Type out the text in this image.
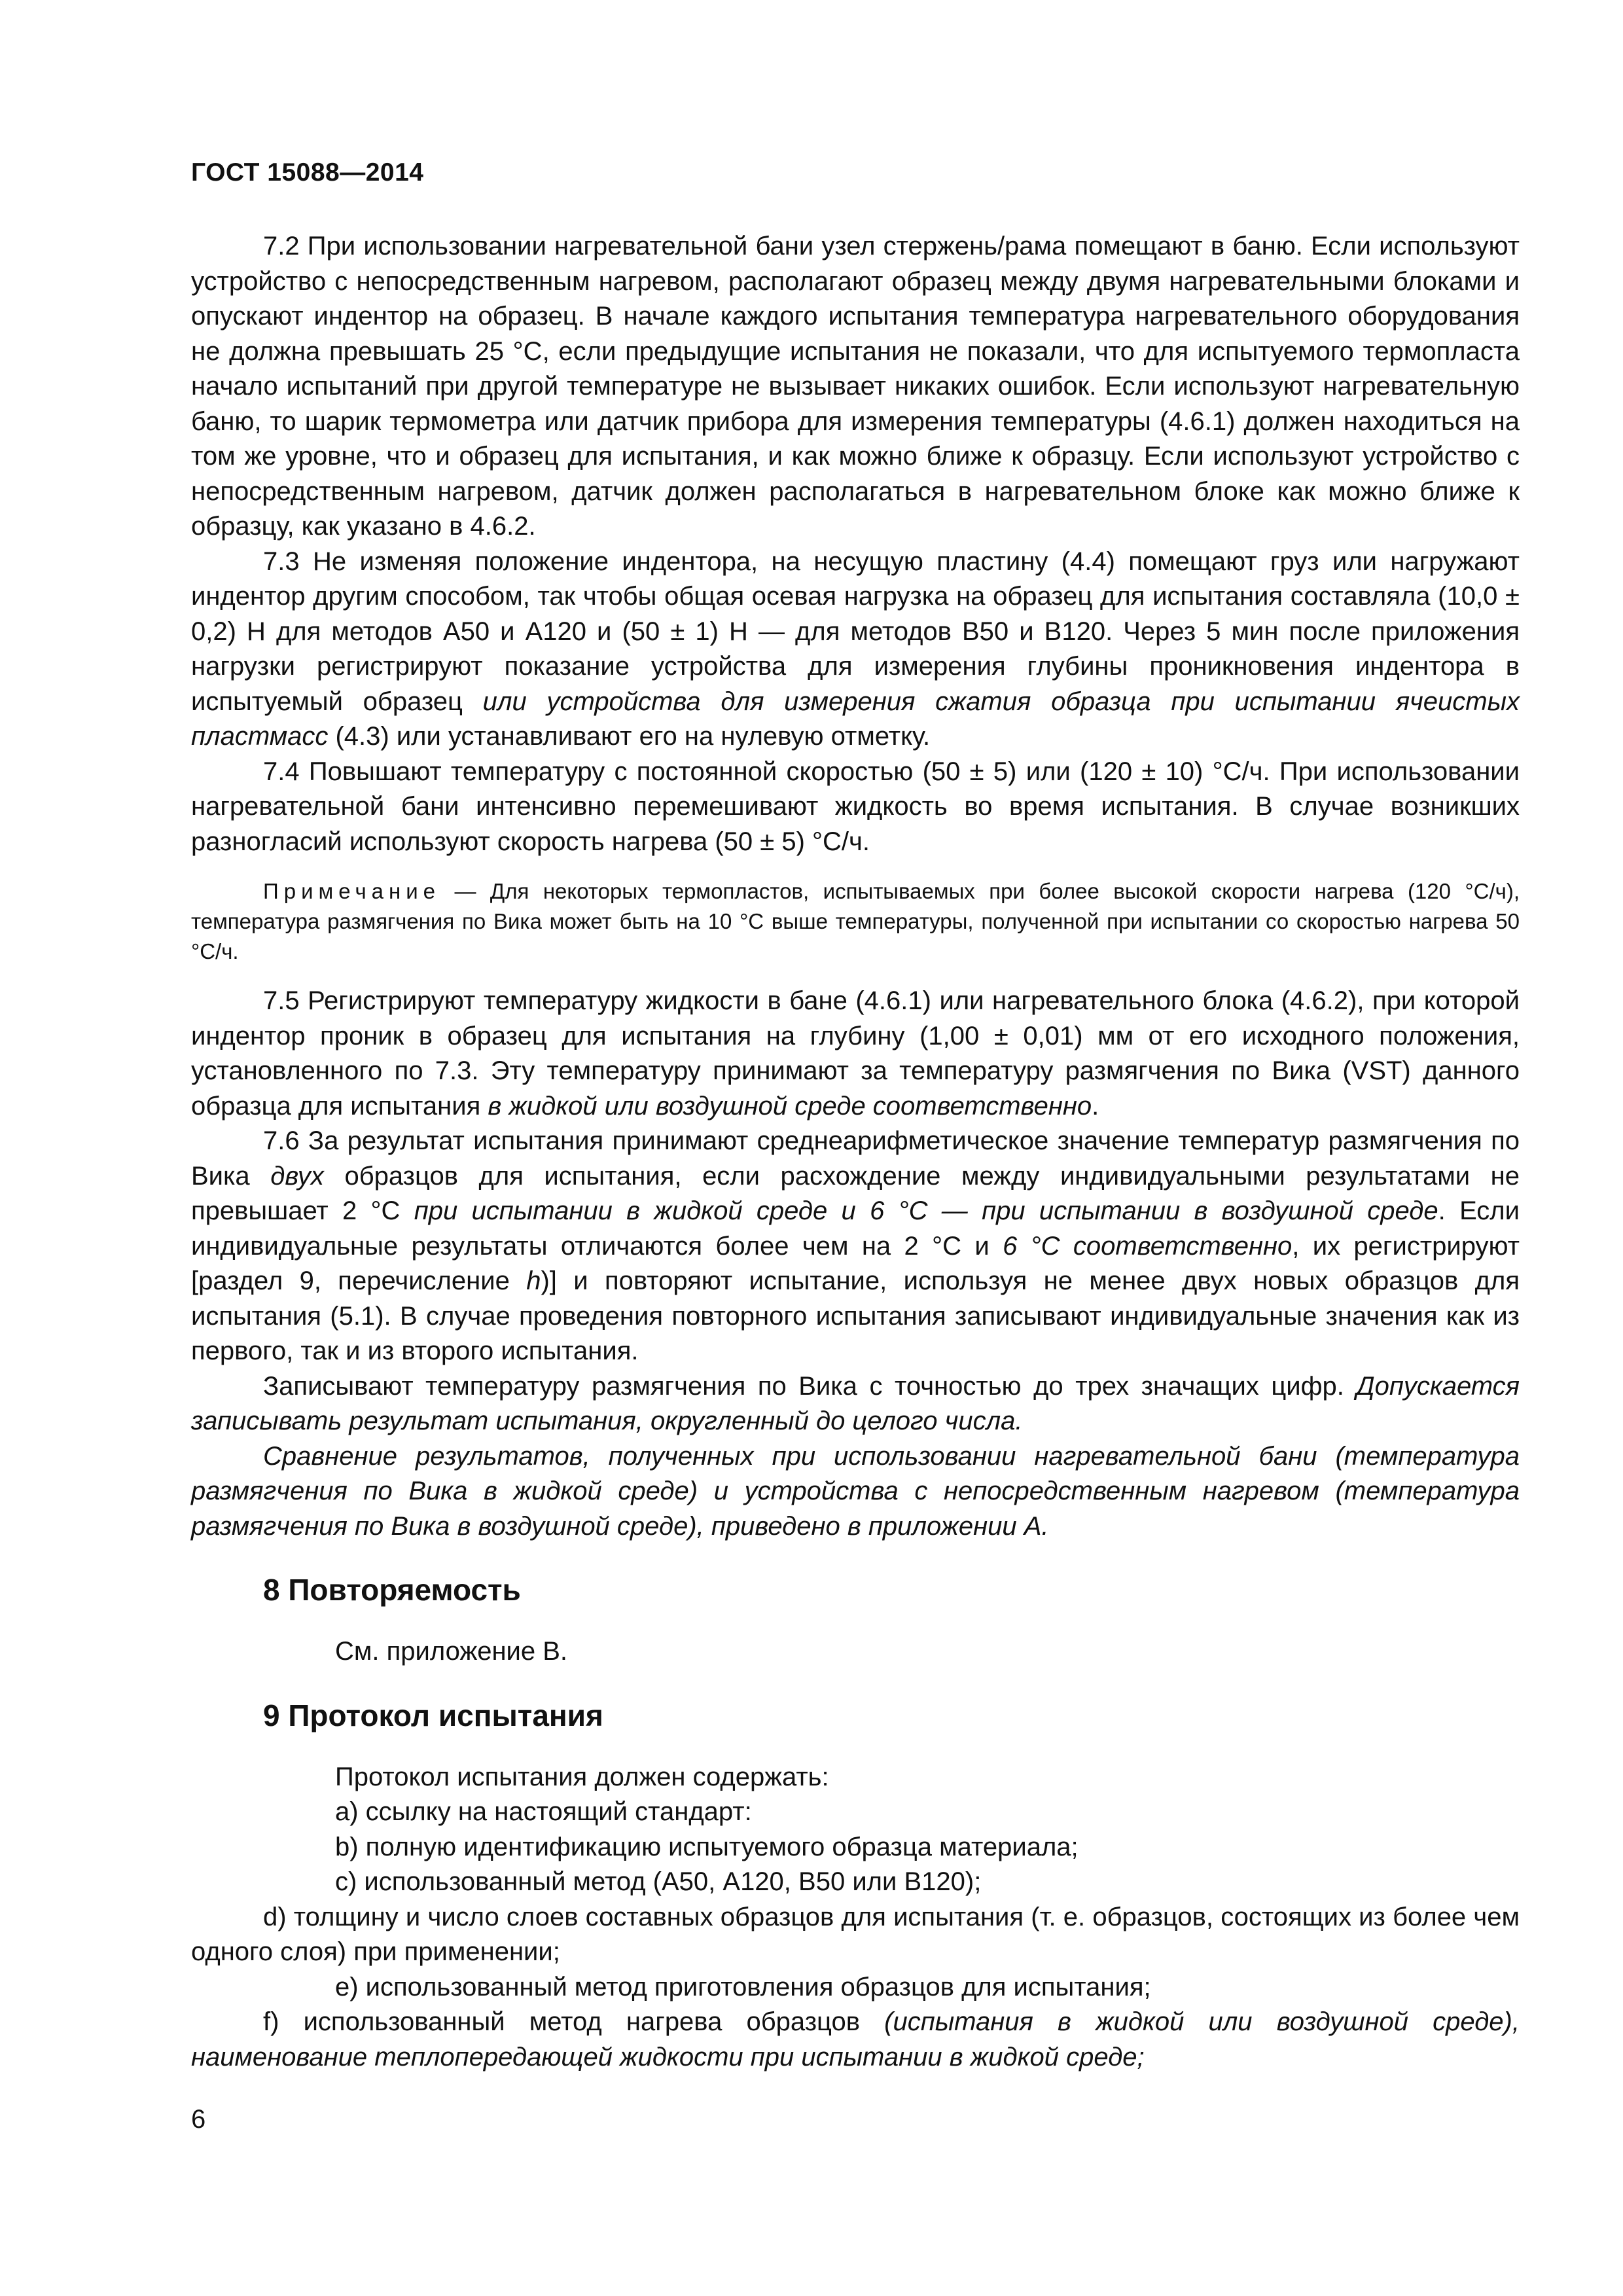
ГОСТ 15088—2014

7.2 При использовании нагревательной бани узел стержень/рама помещают в баню. Если используют устройство с непосредственным нагревом, располагают образец между двумя нагревательными блоками и опускают индентор на образец. В начале каждого испытания температура нагревательного оборудования не должна превышать 25 °С, если предыдущие испытания не показали, что для испытуемого термопласта начало испытаний при другой температуре не вызывает никаких ошибок. Если используют нагревательную баню, то шарик термометра или датчик прибора для измерения температуры (4.6.1) должен находиться на том же уровне, что и образец для испытания, и как можно ближе к образцу. Если используют устройство с непосредственным нагревом, датчик должен располагаться в нагревательном блоке как можно ближе к образцу, как указано в 4.6.2.

7.3 Не изменяя положение индентора, на несущую пластину (4.4) помещают груз или нагружают индентор другим способом, так чтобы общая осевая нагрузка на образец для испытания составляла (10,0 ± 0,2) Н для методов А50 и А120 и (50 ± 1) Н — для методов В50 и В120. Через 5 мин после приложения нагрузки регистрируют показание устройства для измерения глубины проникновения индентора в испытуемый образец или устройства для измерения сжатия образца при испытании ячеистых пластмасс (4.3) или устанавливают его на нулевую отметку.

7.4 Повышают температуру с постоянной скоростью (50 ± 5) или (120 ± 10) °С/ч. При использовании нагревательной бани интенсивно перемешивают жидкость во время испытания. В случае возникших разногласий используют скорость нагрева (50 ± 5) °С/ч.

Примечание — Для некоторых термопластов, испытываемых при более высокой скорости нагрева (120 °С/ч), температура размягчения по Вика может быть на 10 °С выше температуры, полученной при испытании со скоростью нагрева 50 °С/ч.

7.5 Регистрируют температуру жидкости в бане (4.6.1) или нагревательного блока (4.6.2), при которой индентор проник в образец для испытания на глубину (1,00 ± 0,01) мм от его исходного положения, установленного по 7.3. Эту температуру принимают за температуру размягчения по Вика (VST) данного образца для испытания в жидкой или воздушной среде соответственно.

7.6 За результат испытания принимают среднеарифметическое значение температур размягчения по Вика двух образцов для испытания, если расхождение между индивидуальными результатами не превышает 2 °С при испытании в жидкой среде и 6 °С — при испытании в воздушной среде. Если индивидуальные результаты отличаются более чем на 2 °С и 6 °С соответственно, их регистрируют [раздел 9, перечисление h)] и повторяют испытание, используя не менее двух новых образцов для испытания (5.1). В случае проведения повторного испытания записывают индивидуальные значения как из первого, так и из второго испытания.

Записывают температуру размягчения по Вика с точностью до трех значащих цифр. Допускается записывать результат испытания, округленный до целого числа.

Сравнение результатов, полученных при использовании нагревательной бани (температура размягчения по Вика в жидкой среде) и устройства с непосредственным нагревом (температура размягчения по Вика в воздушной среде), приведено в приложении А.

8 Повторяемость

См. приложение В.

9 Протокол испытания

Протокол испытания должен содержать:

a) ссылку на настоящий стандарт:

b) полную идентификацию испытуемого образца материала;

c) использованный метод (А50, А120, В50 или В120);

d) толщину и число слоев составных образцов для испытания (т. е. образцов, состоящих из более чем одного слоя) при применении;

e) использованный метод приготовления образцов для испытания;

f) использованный метод нагрева образцов (испытания в жидкой или воздушной среде), наименование теплопередающей жидкости при испытании в жидкой среде;

6
